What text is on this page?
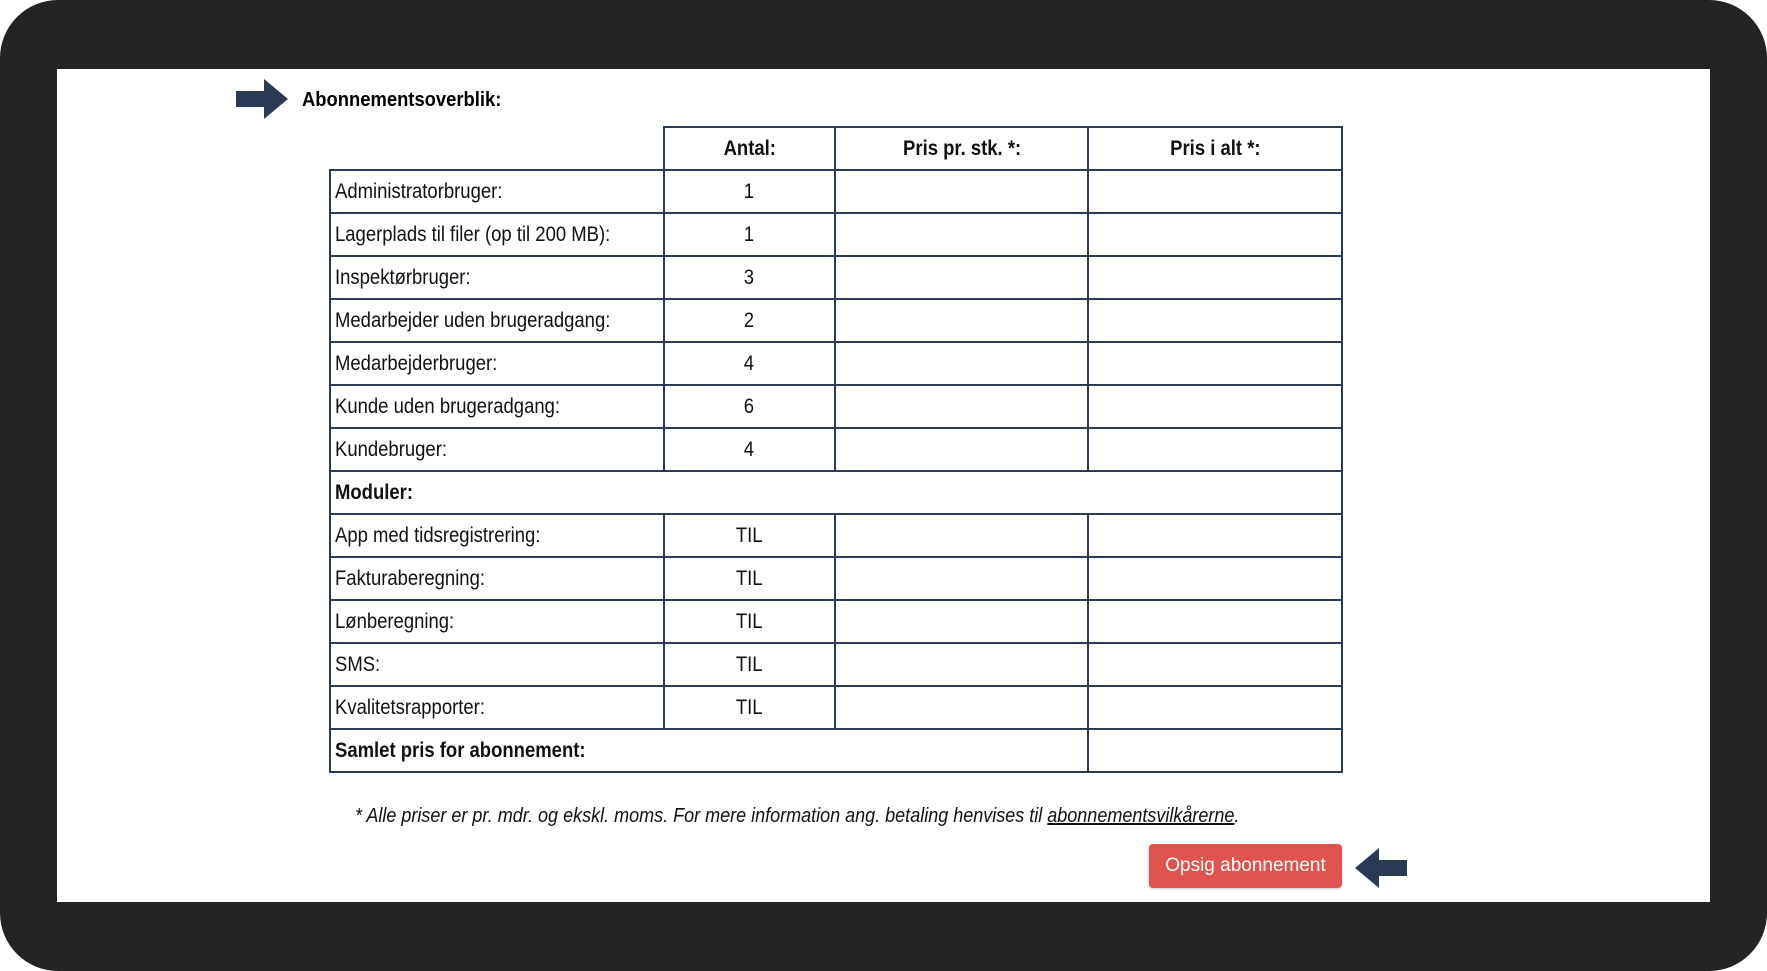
Abonnementsoverblik:
	Antal:	Pris pr. stk. *:	Pris i alt *:
Administratorbruger:	1		
Lagerplads til filer (op til 200 MB):	1		
Inspektørbruger:	3		
Medarbejder uden brugeradgang:	2		
Medarbejderbruger:	4		
Kunde uden brugeradgang:	6		
Kundebruger:	4		
Moduler:			
App med tidsregistrering:	TIL		
Fakturaberegning:	TIL		
Lønberegning:	TIL		
SMS:	TIL		
Kvalitetsrapporter:	TIL		
Samlet pris for abonnement:			
* Alle priser er pr. mdr. og ekskl. moms. For mere information ang. betaling henvises til abonnementsvilkårerne.
Opsig abonnement
